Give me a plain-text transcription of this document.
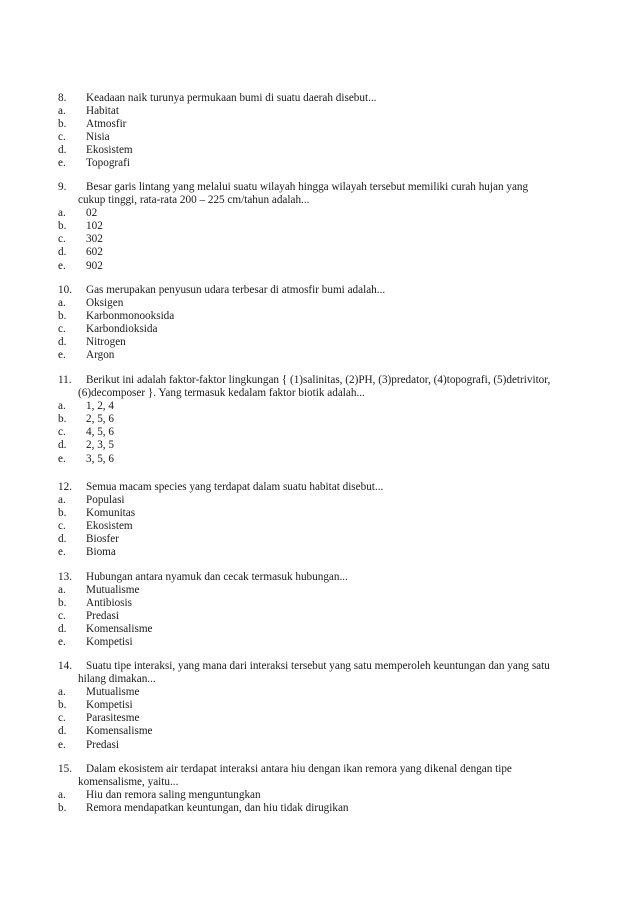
8. Keadaan naik turunya permukaan bumi di suatu daerah disebut...
a. Habitat
b. Atmosfir
c. Nisia
d. Ekosistem
e. Topografi
9. Besar garis lintang yang melalui suatu wilayah hingga wilayah tersebut memiliki curah hujan yang
cukup tinggi, rata-rata 200 – 225 cm/tahun adalah...
a. 02
b. 102
c. 302
d. 602
e. 902
10. Gas merupakan penyusun udara terbesar di atmosfir bumi adalah...
a. Oksigen
b. Karbonmonooksida
c. Karbondioksida
d. Nitrogen
e. Argon
11. Berikut ini adalah faktor-faktor lingkungan { (1)salinitas, (2)PH, (3)predator, (4)topografi, (5)detrivitor,
(6)decomposer }. Yang termasuk kedalam faktor biotik adalah...
a. 1, 2, 4
b. 2, 5, 6
c. 4, 5, 6
d. 2, 3, 5
e. 3, 5, 6
12. Semua macam species yang terdapat dalam suatu habitat disebut...
a. Populasi
b. Komunitas
c. Ekosistem
d. Biosfer
e. Bioma
13. Hubungan antara nyamuk dan cecak termasuk hubungan...
a. Mutualisme
b. Antibiosis
c. Predasi
d. Komensalisme
e. Kompetisi
14. Suatu tipe interaksi, yang mana dari interaksi tersebut yang satu memperoleh keuntungan dan yang satu
hilang dimakan...
a. Mutualisme
b. Kompetisi
c. Parasitesme
d. Komensalisme
e. Predasi
15. Dalam ekosistem air terdapat interaksi antara hiu dengan ikan remora yang dikenal dengan tipe
komensalisme, yaitu...
a. Hiu dan remora saling menguntungkan
b. Remora mendapatkan keuntungan, dan hiu tidak dirugikan
